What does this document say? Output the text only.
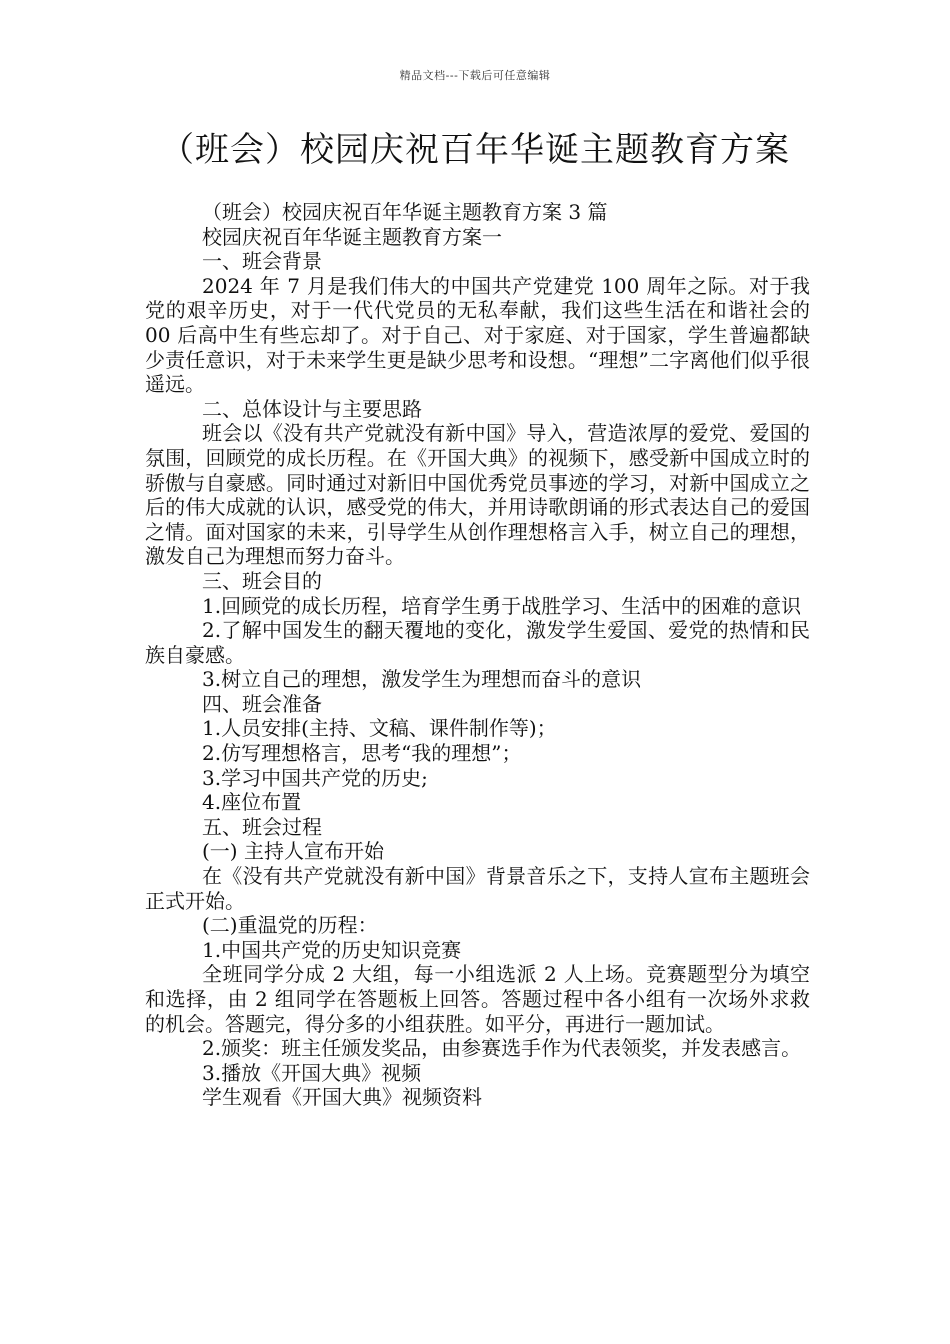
精品文档---下载后可任意编辑
（班会）校园庆祝百年华诞主题教育方案

（班会）校园庆祝百年华诞主题教育方案 3 篇

校园庆祝百年华诞主题教育方案一

一、班会背景

2024 年 7 月是我们伟大的中国共产党建党 100 周年之际。对于我党的艰辛历史，对于一代代党员的无私奉献，我们这些生活在和谐社会的 00 后高中生有些忘却了。对于自己、对于家庭、对于国家，学生普遍都缺少责任意识，对于未来学生更是缺少思考和设想。“理想”二字离他们似乎很遥远。

二、总体设计与主要思路

班会以《没有共产党就没有新中国》导入，营造浓厚的爱党、爱国的氛围，回顾党的成长历程。在《开国大典》的视频下，感受新中国成立时的骄傲与自豪感。同时通过对新旧中国优秀党员事迹的学习，对新中国成立之后的伟大成就的认识，感受党的伟大，并用诗歌朗诵的形式表达自己的爱国之情。面对国家的未来，引导学生从创作理想格言入手，树立自己的理想，激发自己为理想而努力奋斗。

三、班会目的

1.回顾党的成长历程，培育学生勇于战胜学习、生活中的困难的意识

2.了解中国发生的翻天覆地的变化，激发学生爱国、爱党的热情和民族自豪感。

3.树立自己的理想，激发学生为理想而奋斗的意识

四、班会准备

1.人员安排(主持、文稿、课件制作等)；

2.仿写理想格言，思考“我的理想”；

3.学习中国共产党的历史;

4.座位布置

五、班会过程

(一) 主持人宣布开始

在《没有共产党就没有新中国》背景音乐之下，支持人宣布主题班会正式开始。

(二)重温党的历程：

1.中国共产党的历史知识竞赛

全班同学分成 2 大组，每一小组选派 2 人上场。竞赛题型分为填空和选择，由 2 组同学在答题板上回答。答题过程中各小组有一次场外求救的机会。答题完，得分多的小组获胜。如平分，再进行一题加试。

2.颁奖：班主任颁发奖品，由参赛选手作为代表领奖，并发表感言。

3.播放《开国大典》视频

学生观看《开国大典》视频资料
